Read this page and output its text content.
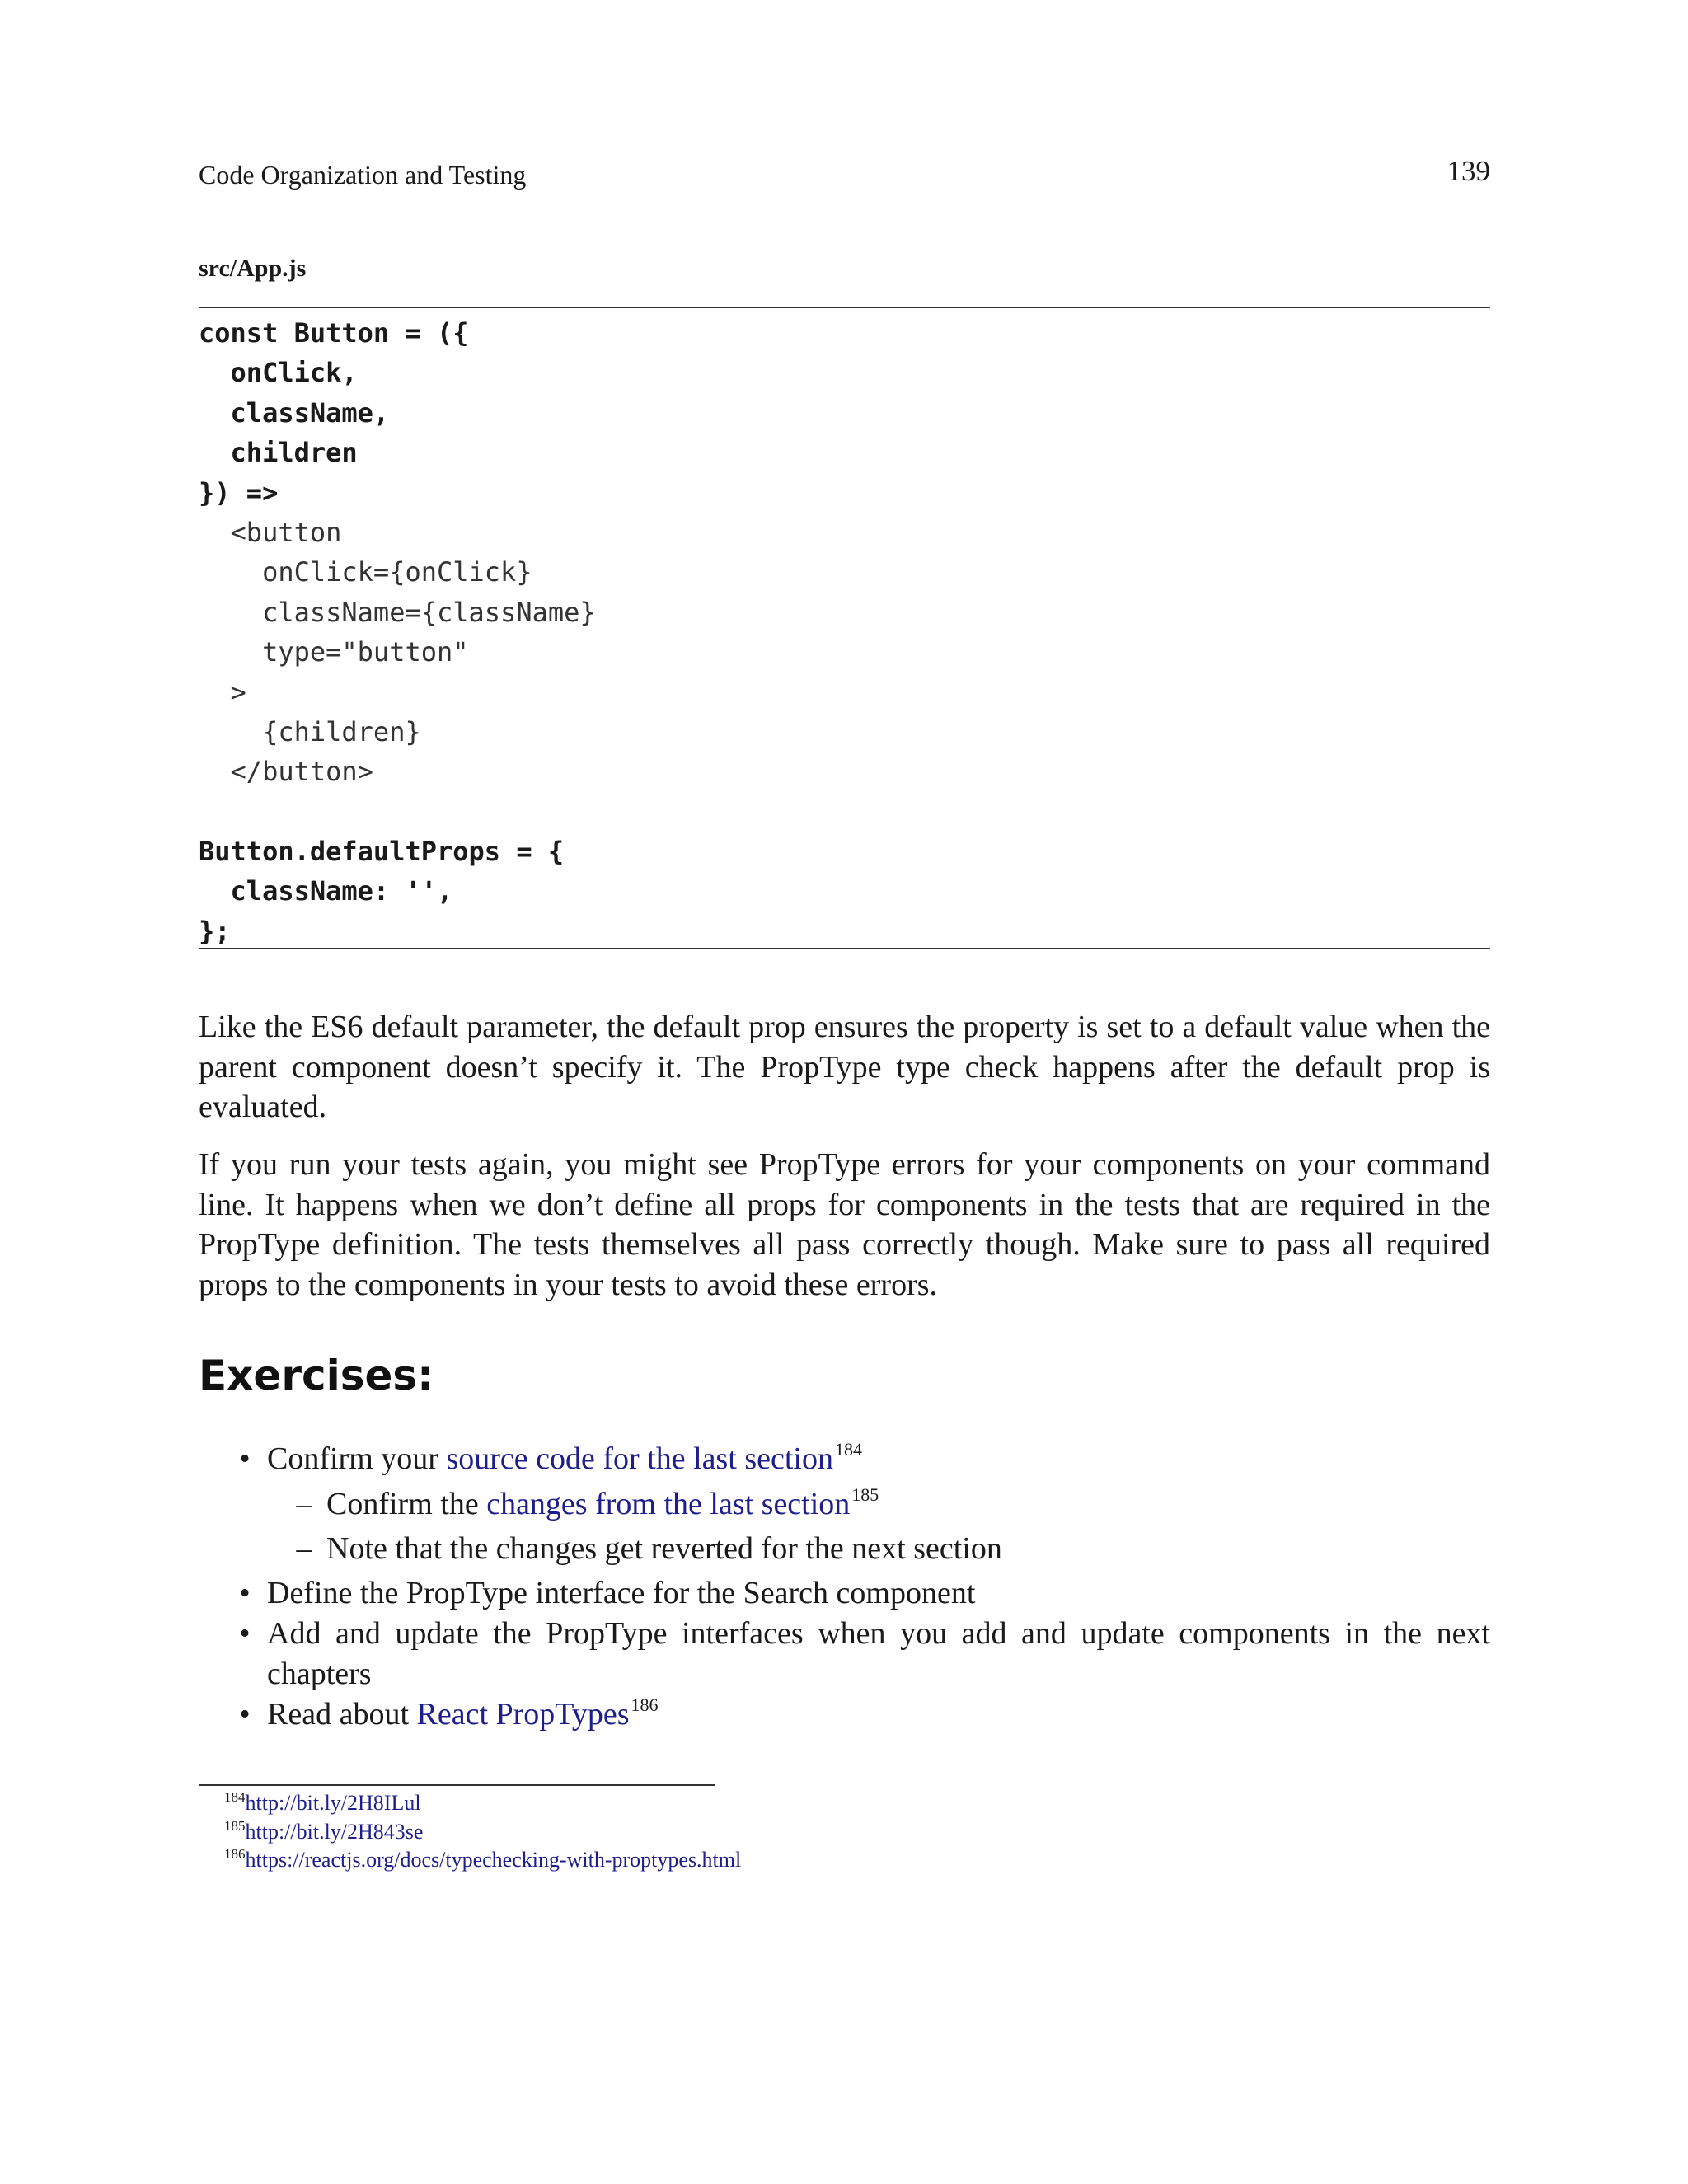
Code Organization and Testing	139
src/App.js
const Button = ({
onClick,
className,
children
}) =>
<button
onClick={onClick}
className={className}
type="button"
>
{children}
</button>
Button.defaultProps = {
className: '',
};

Like the ES6 default parameter, the default prop ensures the property is set to a default value when the parent component doesn’t specify it. The PropType type check happens after the default prop is evaluated.

If you run your tests again, you might see PropType errors for your components on your command line. It happens when we don’t define all props for components in the tests that are required in the PropType definition. The tests themselves all pass correctly though. Make sure to pass all required props to the components in your tests to avoid these errors.

Exercises:
• Confirm your source code for the last section$^{184}$
– Confirm the changes from the last section$^{185}$
– Note that the changes get reverted for the next section
• Define the PropType interface for the Search component
• Add and update the PropType interfaces when you add and update components in the next chapters
• Read about React PropTypes$^{186}$
$^{184}$http://bit.ly/2H8ILul
$^{185}$http://bit.ly/2H843se
$^{186}$https://reactjs.org/docs/typechecking-with-proptypes.html
